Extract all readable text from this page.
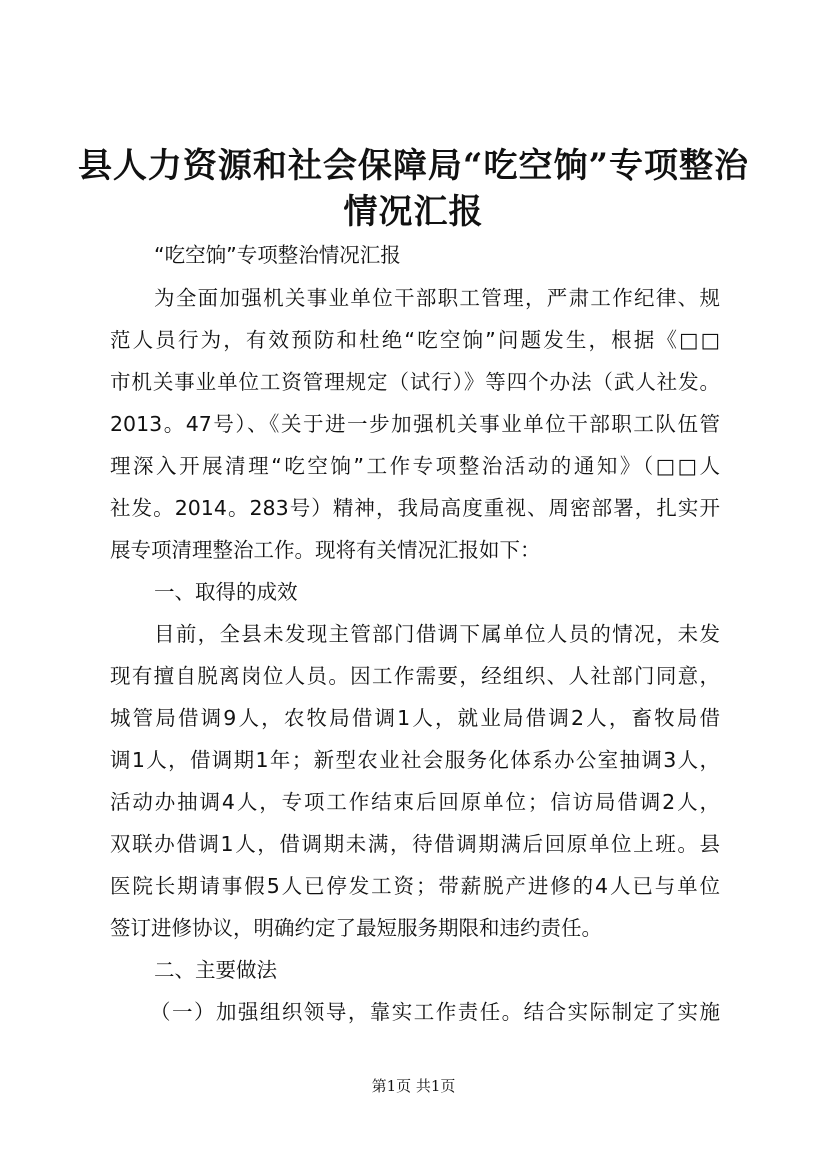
县人力资源和社会保障局“吃空饷”专项整治
情况汇报
“吃空饷”专项整治情况汇报
为全面加强机关事业单位干部职工管理，严肃工作纪律、规
范人员行为，有效预防和杜绝“吃空饷”问题发生，根据《□□
市机关事业单位工资管理规定（试行）》等四个办法（武人社发。
2013。47号）、《关于进一步加强机关事业单位干部职工队伍管
理深入开展清理“吃空饷”工作专项整治活动的通知》（□□人
社发。2014。283号）精神，我局高度重视、周密部署，扎实开
展专项清理整治工作。现将有关情况汇报如下：
一、取得的成效
目前，全县未发现主管部门借调下属单位人员的情况，未发
现有擅自脱离岗位人员。因工作需要，经组织、人社部门同意，
城管局借调9人，农牧局借调1人，就业局借调2人，畜牧局借
调1人，借调期1年；新型农业社会服务化体系办公室抽调3人，
活动办抽调4人，专项工作结束后回原单位；信访局借调2人，
双联办借调1人，借调期未满，待借调期满后回原单位上班。县
医院长期请事假5人已停发工资；带薪脱产进修的4人已与单位
签订进修协议，明确约定了最短服务期限和违约责任。
二、主要做法
（一）加强组织领导，靠实工作责任。结合实际制定了实施
第1页 共1页
